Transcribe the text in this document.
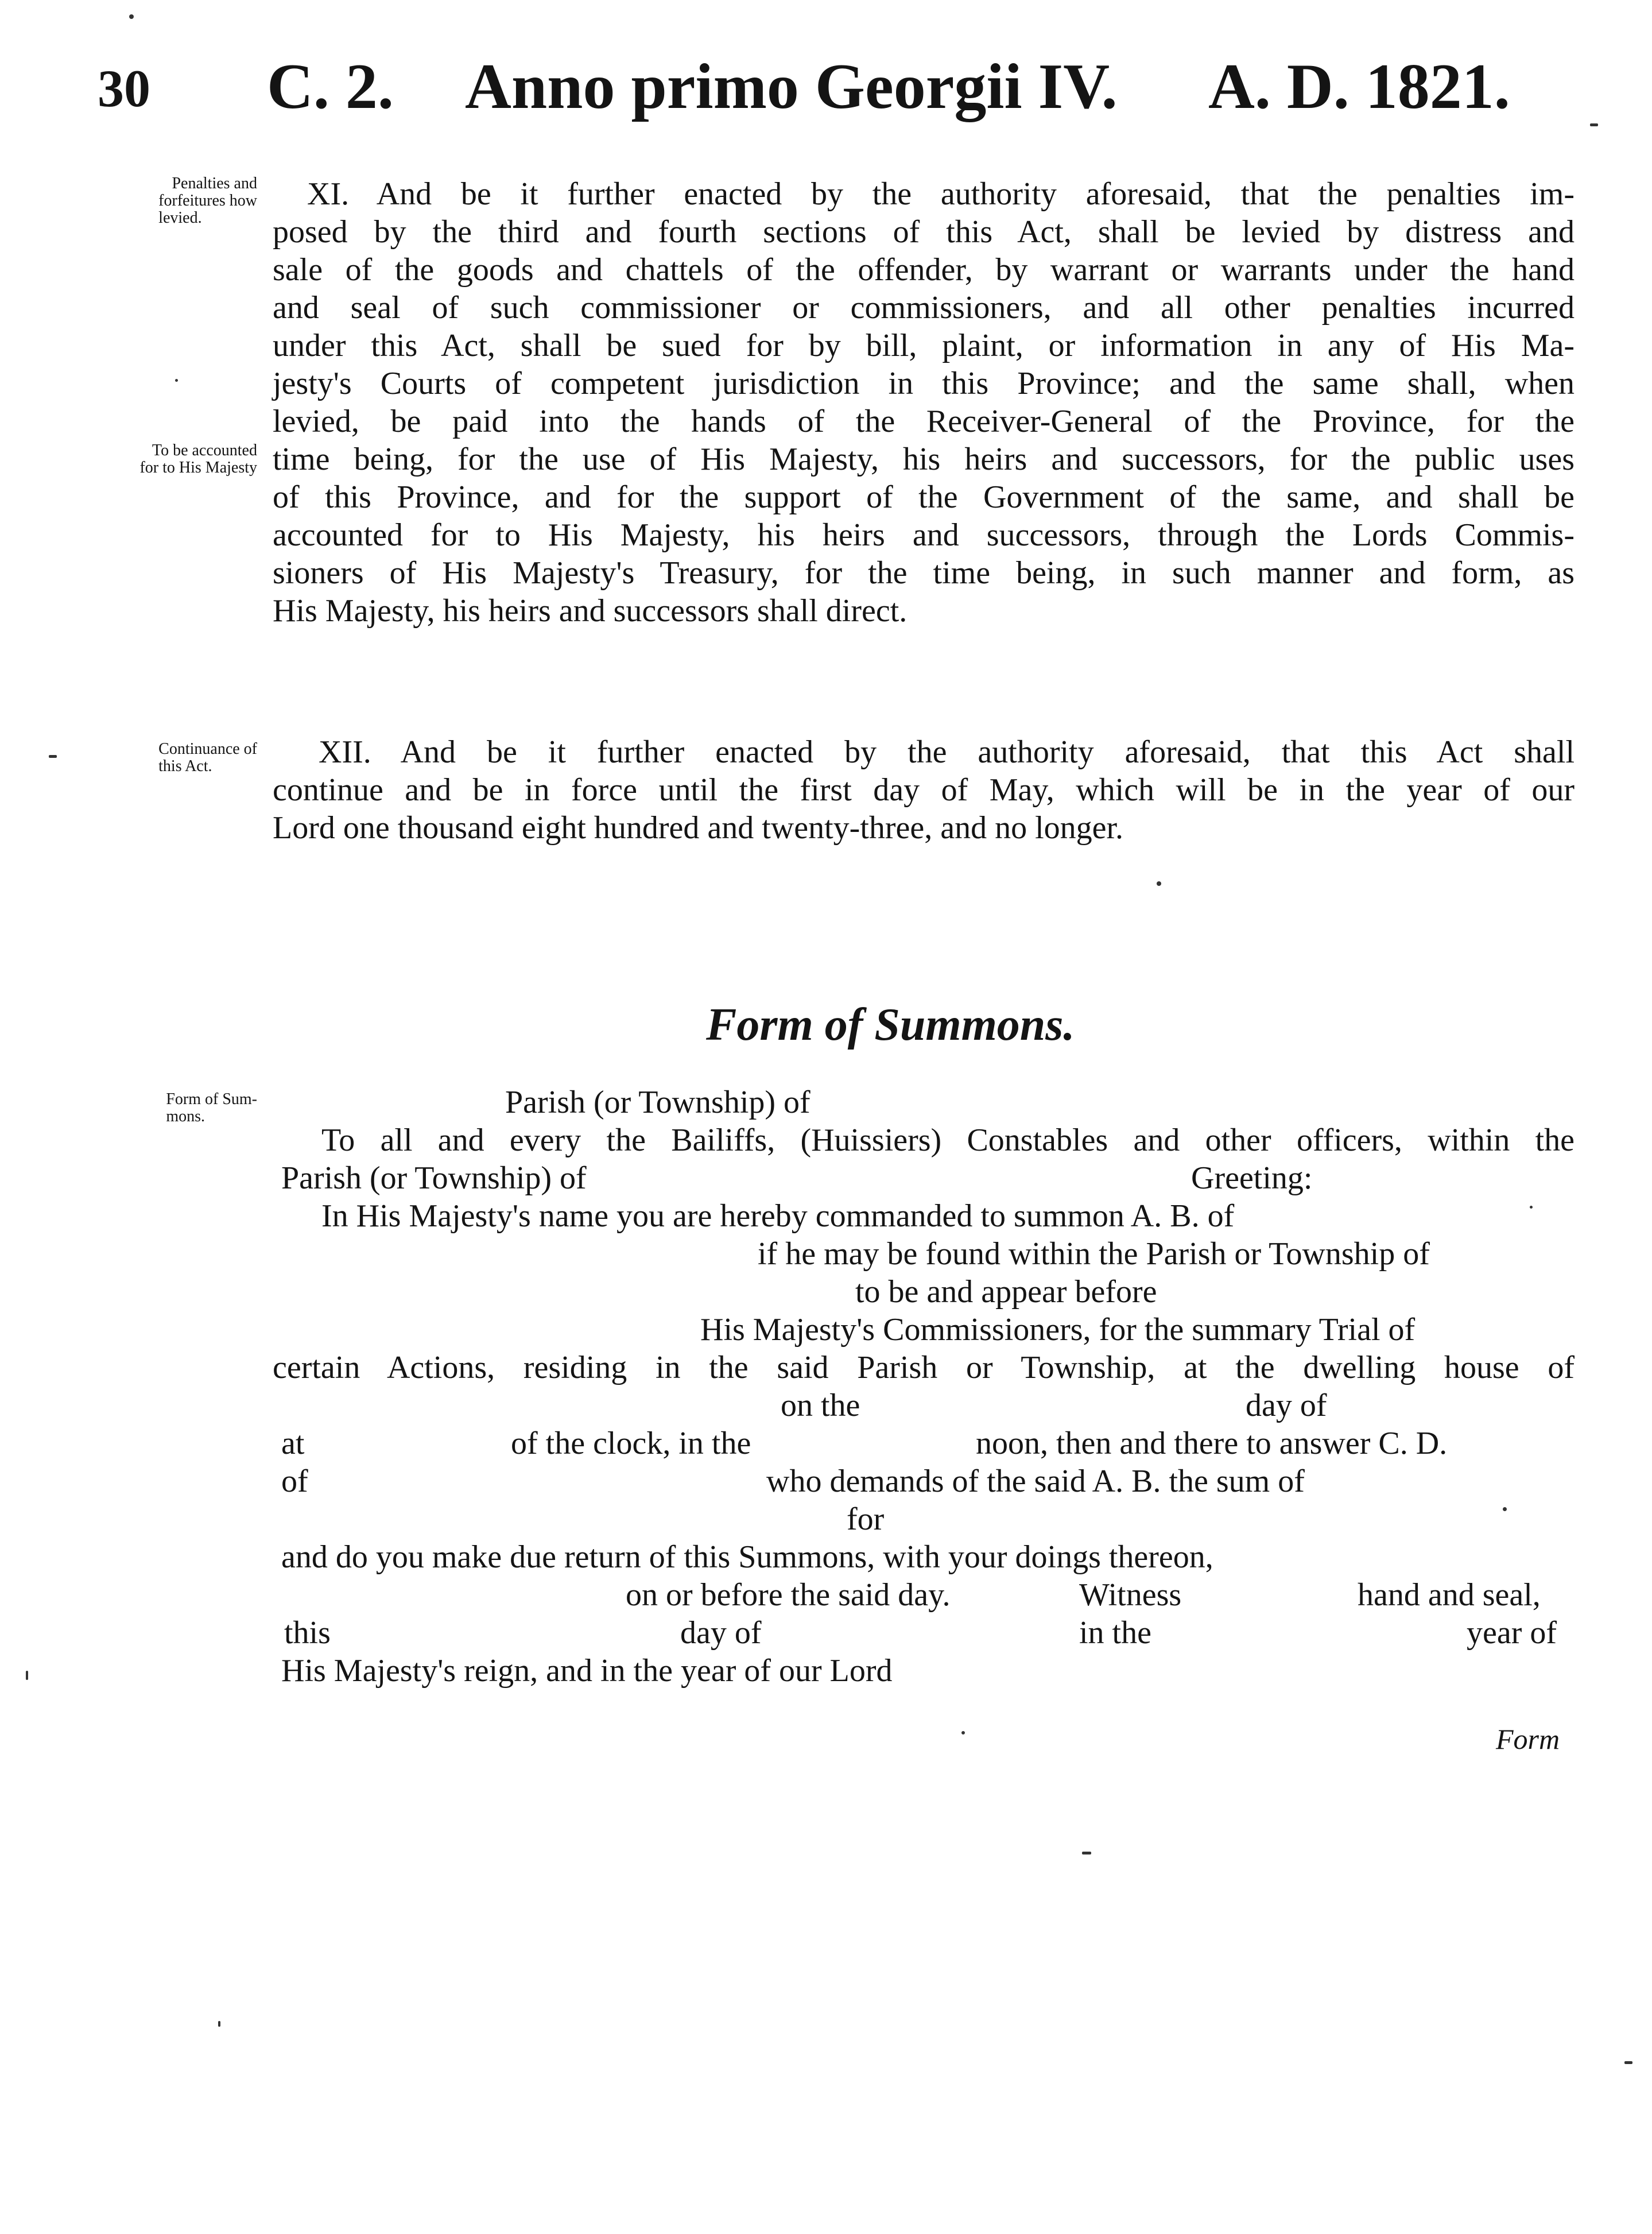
30 C. 2. Anno primo Georgii IV. A. D. 1821.
Penalties and
forfeitures how
levied.
To be accounted
for to His Majesty
Continuance of
this Act.
Form of Sum-
mons.
XI. And be it further enacted by the authority aforesaid, that the penalties im-
posed by the third and fourth sections of this Act, shall be levied by distress and
sale of the goods and chattels of the offender, by warrant or warrants under the hand
and seal of such commissioner or commissioners, and all other penalties incurred
under this Act, shall be sued for by bill, plaint, or information in any of His Ma-
jesty's Courts of competent jurisdiction in this Province; and the same shall, when
levied, be paid into the hands of the Receiver-General of the Province, for the
time being, for the use of His Majesty, his heirs and successors, for the public uses
of this Province, and for the support of the Government of the same, and shall be
accounted for to His Majesty, his heirs and successors, through the Lords Commis-
sioners of His Majesty's Treasury, for the time being, in such manner and form, as
His Majesty, his heirs and successors shall direct.
XII. And be it further enacted by the authority aforesaid, that this Act shall
continue and be in force until the first day of May, which will be in the year of our
Lord one thousand eight hundred and twenty-three, and no longer.
Form of Summons.
Parish (or Township) of
To all and every the Bailiffs, (Huissiers) Constables and other officers, within the
Parish (or Township) of	Greeting:
In His Majesty's name you are hereby commanded to summon A. B. of
if he may be found within the Parish or Township of
to be and appear before
His Majesty's Commissioners, for the summary Trial of
certain Actions, residing in the said Parish or Township, at the dwelling house of
on the	day of
at	of the clock, in the	noon, then and there to answer C. D.
of	who demands of the said A. B. the sum of
for
and do you make due return of this Summons, with your doings thereon,
on or before the said day.	Witness	hand and seal,
this	day of	in the	year of
His Majesty's reign, and in the year of our Lord
Form
